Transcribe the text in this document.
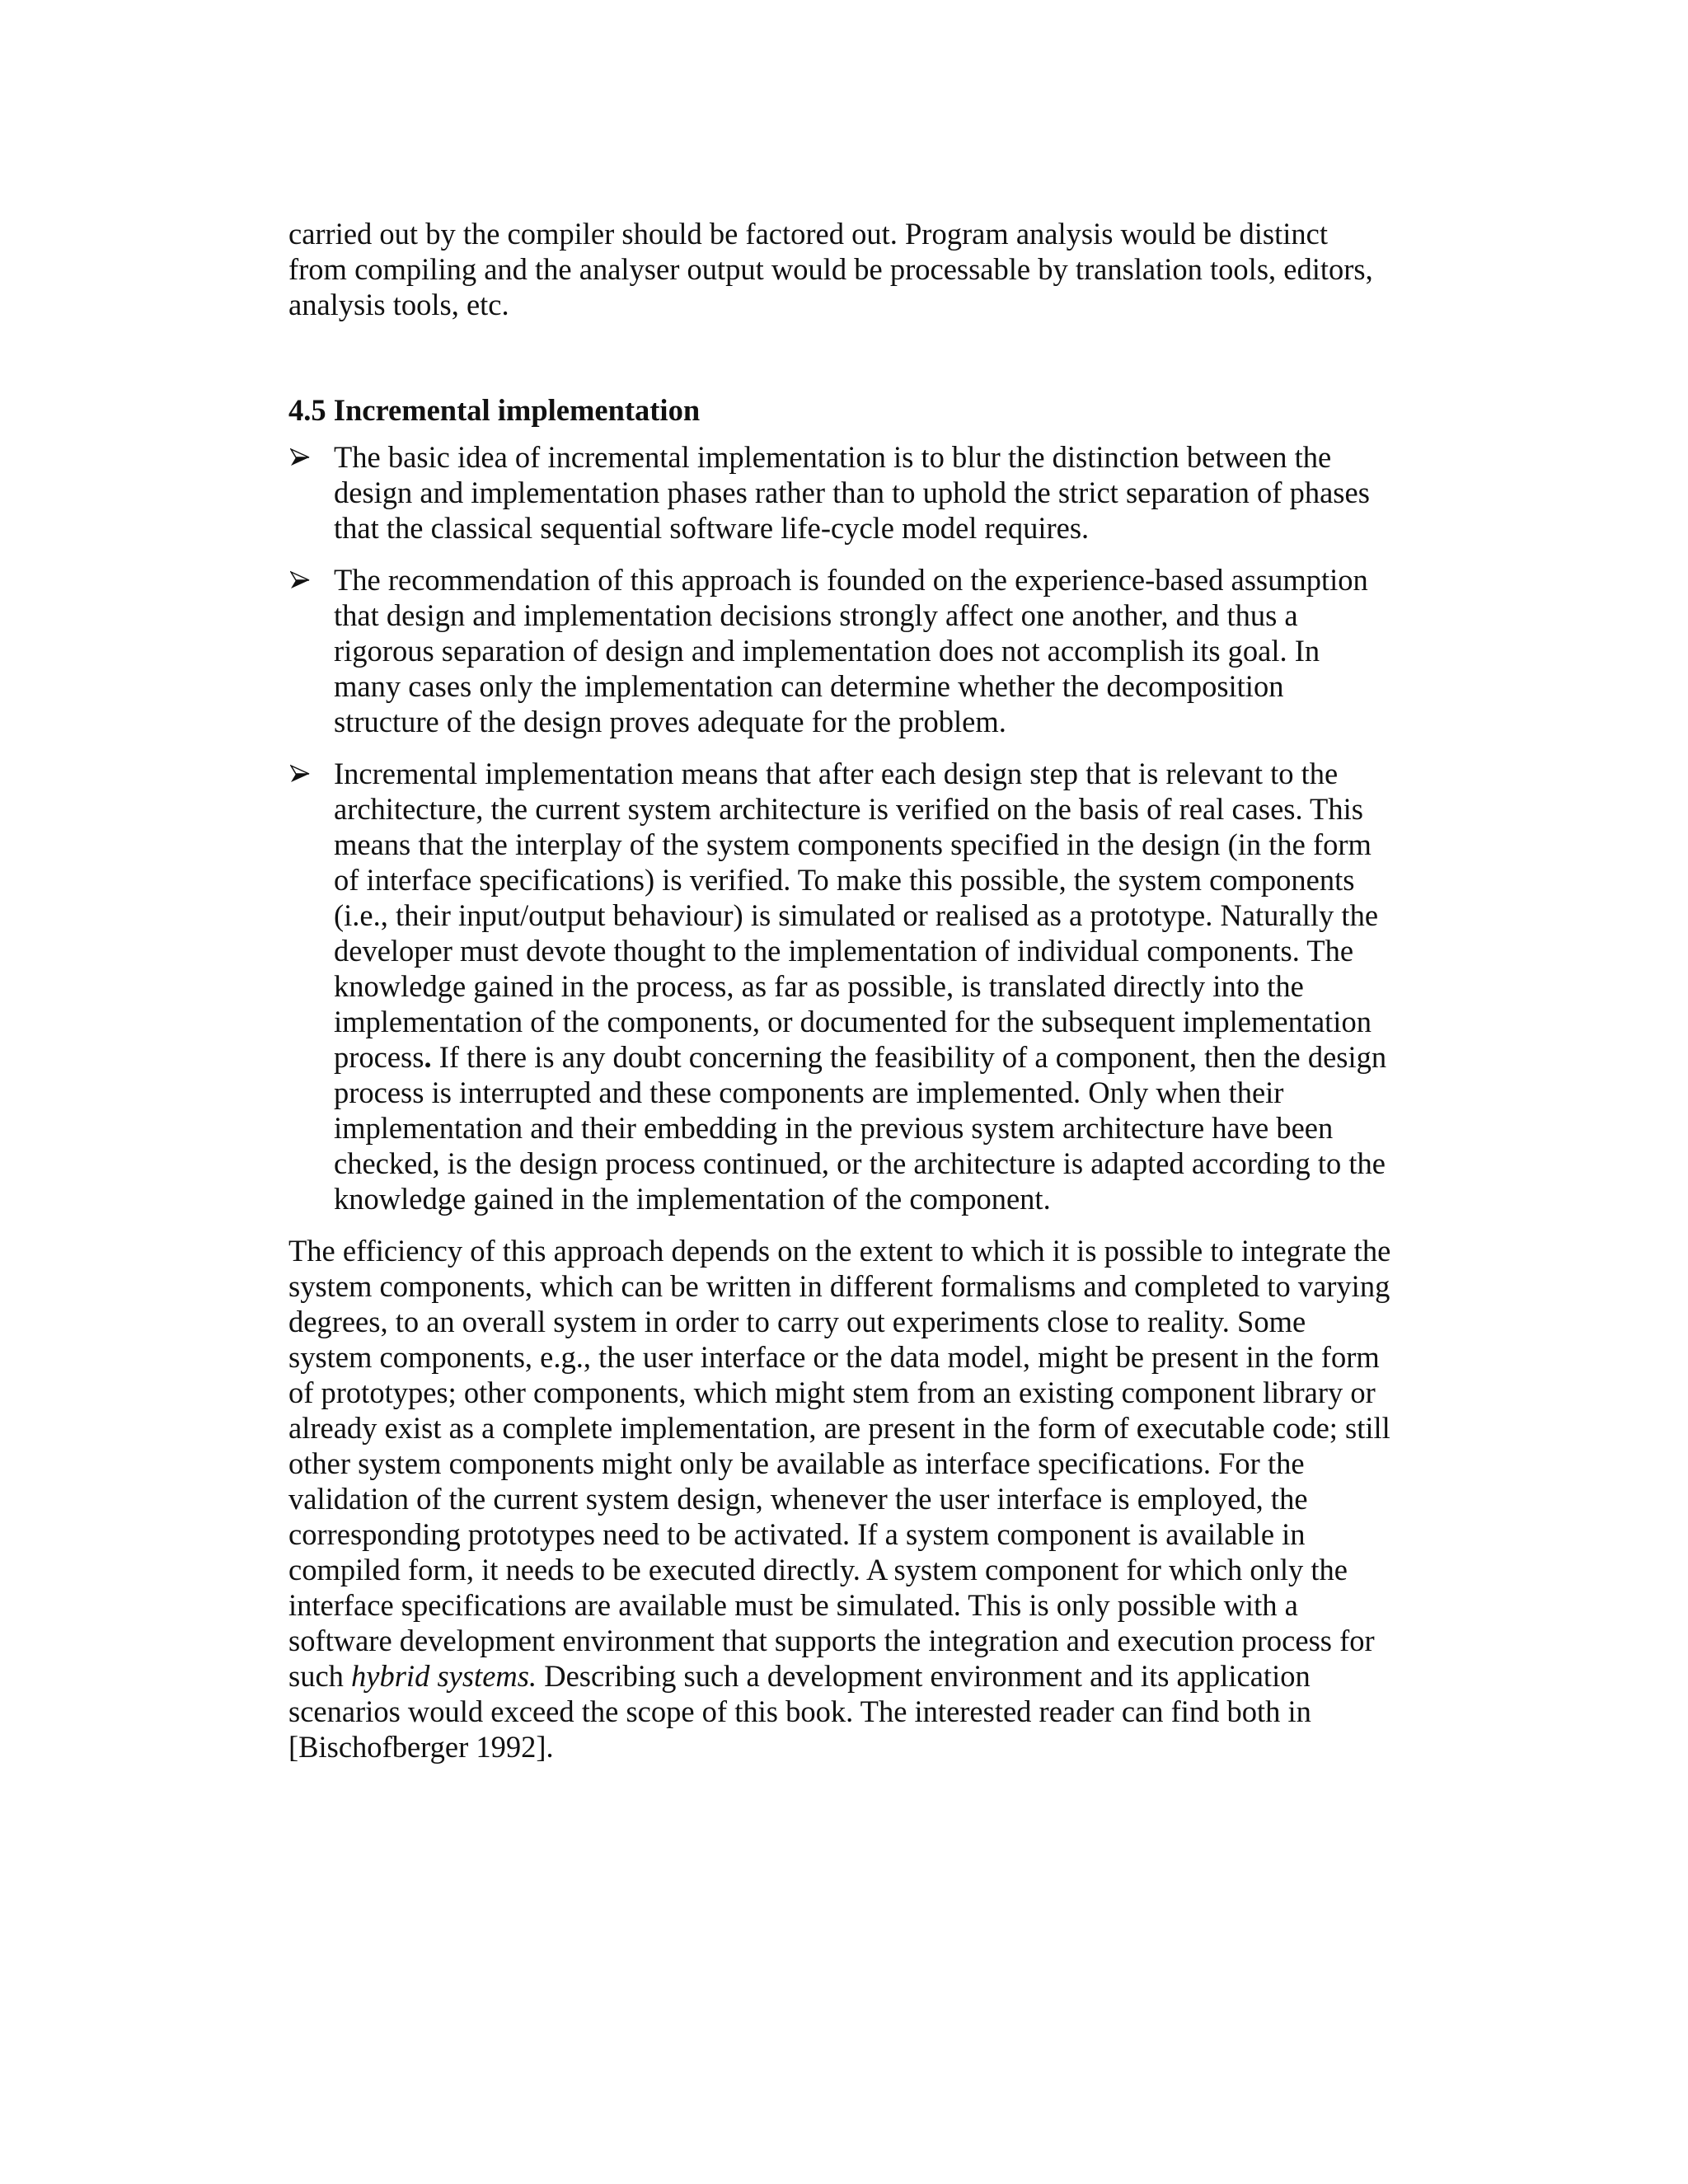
carried out by the compiler should be factored out. Program analysis would be distinct from compiling and the analyser output would be processable by translation tools, editors, analysis tools, etc.

4.5 Incremental implementation
The basic idea of incremental implementation is to blur the distinction between the design and implementation phases rather than to uphold the strict separation of phases that the classical sequential software life-cycle model requires.
The recommendation of this approach is founded on the experience-based assumption that design and implementation decisions strongly affect one another, and thus a rigorous separation of design and implementation does not accomplish its goal. In many cases only the implementation can determine whether the decomposition structure of the design proves adequate for the problem.
Incremental implementation means that after each design step that is relevant to the architecture, the current system architecture is verified on the basis of real cases. This means that the interplay of the system components specified in the design (in the form of interface specifications) is verified. To make this possible, the system components (i.e., their input/output behaviour) is simulated or realised as a prototype. Naturally the developer must devote thought to the implementation of individual components. The knowledge gained in the process, as far as possible, is translated directly into the implementation of the components, or documented for the subsequent implementation process. If there is any doubt concerning the feasibility of a component, then the design process is interrupted and these components are implemented. Only when their implementation and their embedding in the previous system architecture have been checked, is the design process continued, or the architecture is adapted according to the knowledge gained in the implementation of the component.

The efficiency of this approach depends on the extent to which it is possible to integrate the system components, which can be written in different formalisms and completed to varying degrees, to an overall system in order to carry out experiments close to reality. Some system components, e.g., the user interface or the data model, might be present in the form of prototypes; other components, which might stem from an existing component library or already exist as a complete implementation, are present in the form of executable code; still other system components might only be available as interface specifications. For the validation of the current system design, whenever the user interface is employed, the corresponding prototypes need to be activated. If a system component is available in compiled form, it needs to be executed directly. A system component for which only the interface specifications are available must be simulated. This is only possible with a software development environment that supports the integration and execution process for such hybrid systems. Describing such a development environment and its application scenarios would exceed the scope of this book. The interested reader can find both in [Bischofberger 1992].
